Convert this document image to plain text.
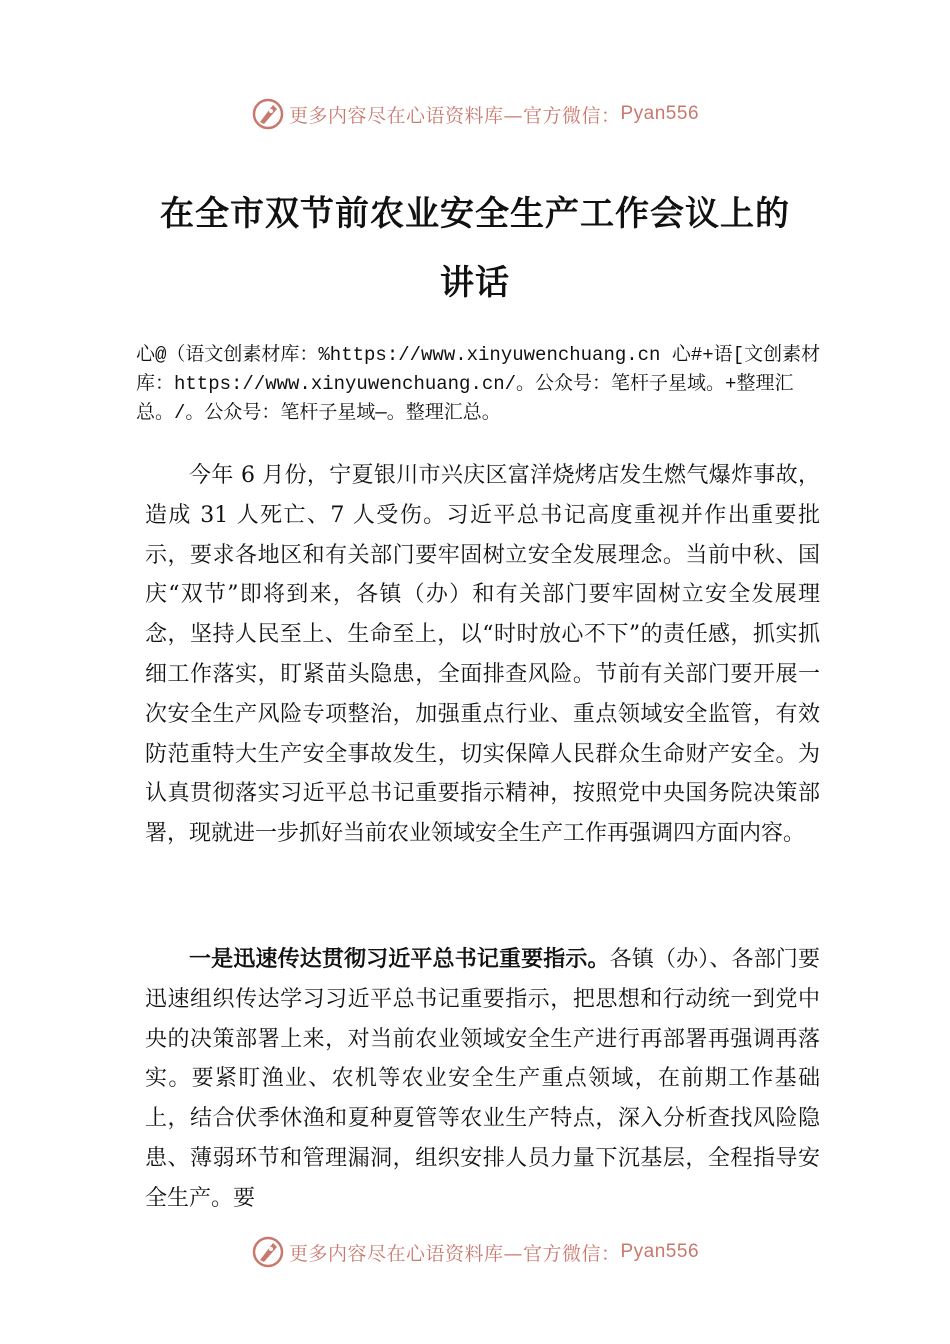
更多内容尽在心语资料库—官方微信： Pyan556
在全市双节前农业安全生产工作会议上的
讲话
心@（语文创素材库：%https://www.xinyuwenchuang.cn 心#+语[文创素材库：https://www.xinyuwenchuang.cn/。公众号：笔杆子星域。+整理汇总。/。公众号：笔杆子星域—。整理汇总。
今年 6 月份，宁夏银川市兴庆区富洋烧烤店发生燃气爆炸事故，造成 31 人死亡、7 人受伤。习近平总书记高度重视并作出重要批示，要求各地区和有关部门要牢固树立安全发展理念。当前中秋、国庆“双节”即将到来，各镇（办）和有关部门要牢固树立安全发展理念，坚持人民至上、生命至上，以“时时放心不下”的责任感，抓实抓细工作落实，盯紧苗头隐患，全面排查风险。节前有关部门要开展一次安全生产风险专项整治，加强重点行业、重点领域安全监管，有效防范重特大生产安全事故发生，切实保障人民群众生命财产安全。为认真贯彻落实习近平总书记重要指示精神，按照党中央国务院决策部署，现就进一步抓好当前农业领域安全生产工作再强调四方面内容。
一是迅速传达贯彻习近平总书记重要指示。各镇（办）、各部门要迅速组织传达学习习近平总书记重要指示，把思想和行动统一到党中央的决策部署上来，对当前农业领域安全生产进行再部署再强调再落实。要紧盯渔业、农机等农业安全生产重点领域，在前期工作基础上，结合伏季休渔和夏种夏管等农业生产特点，深入分析查找风险隐患、薄弱环节和管理漏洞，组织安排人员力量下沉基层，全程指导安全生产。要
更多内容尽在心语资料库—官方微信： Pyan556
